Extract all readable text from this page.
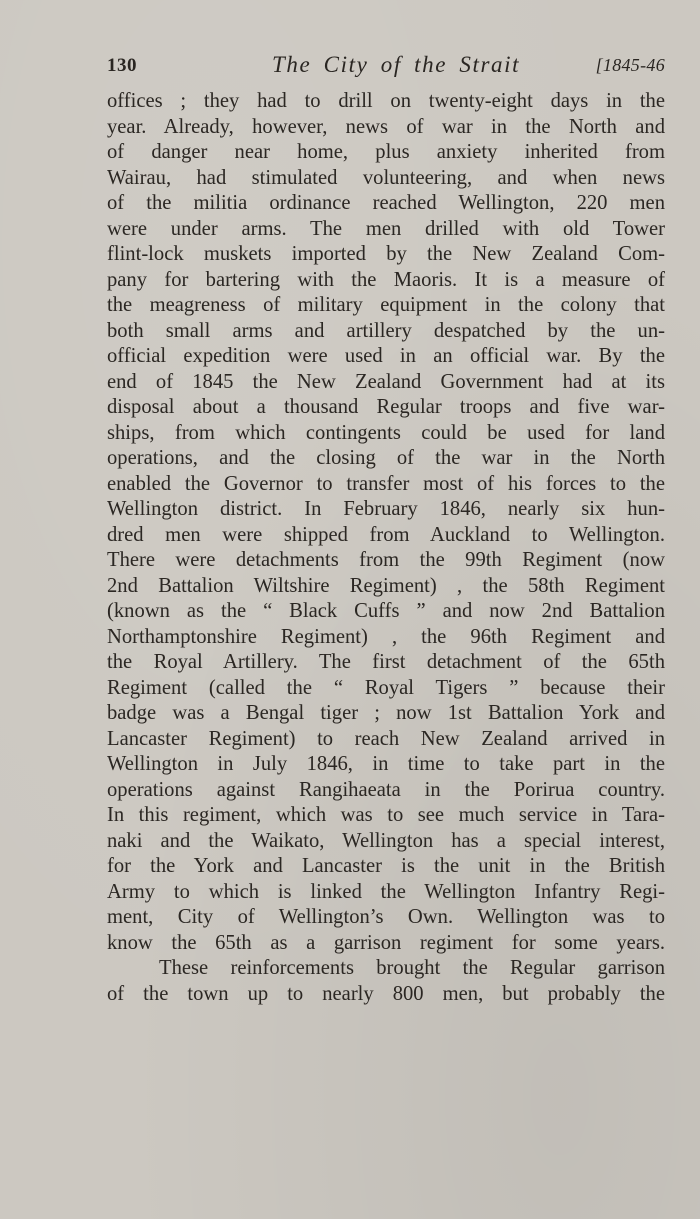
130	The City of the Strait	[1845-46
offices ; they had to drill on twenty-eight days in the
year. Already, however, news of war in the North and
of danger near home, plus anxiety inherited from
Wairau, had stimulated volunteering, and when news
of the militia ordinance reached Wellington, 220 men
were under arms. The men drilled with old Tower
flint-lock muskets imported by the New Zealand Com-
pany for bartering with the Maoris. It is a measure of
the meagreness of military equipment in the colony that
both small arms and artillery despatched by the un-
official expedition were used in an official war. By the
end of 1845 the New Zealand Government had at its
disposal about a thousand Regular troops and five war-
ships, from which contingents could be used for land
operations, and the closing of the war in the North
enabled the Governor to transfer most of his forces to the
Wellington district. In February 1846, nearly six hun-
dred men were shipped from Auckland to Wellington.
There were detachments from the 99th Regiment (now
2nd Battalion Wiltshire Regiment) , the 58th Regiment
(known as the “ Black Cuffs ” and now 2nd Battalion
Northamptonshire Regiment) , the 96th Regiment and
the Royal Artillery. The first detachment of the 65th
Regiment (called the “ Royal Tigers ” because their
badge was a Bengal tiger ; now 1st Battalion York and
Lancaster Regiment) to reach New Zealand arrived in
Wellington in July 1846, in time to take part in the
operations against Rangihaeata in the Porirua country.
In this regiment, which was to see much service in Tara-
naki and the Waikato, Wellington has a special interest,
for the York and Lancaster is the unit in the British
Army to which is linked the Wellington Infantry Regi-
ment, City of Wellington’s Own. Wellington was to
know the 65th as a garrison regiment for some years.
These reinforcements brought the Regular garrison
of the town up to nearly 800 men, but probably the
